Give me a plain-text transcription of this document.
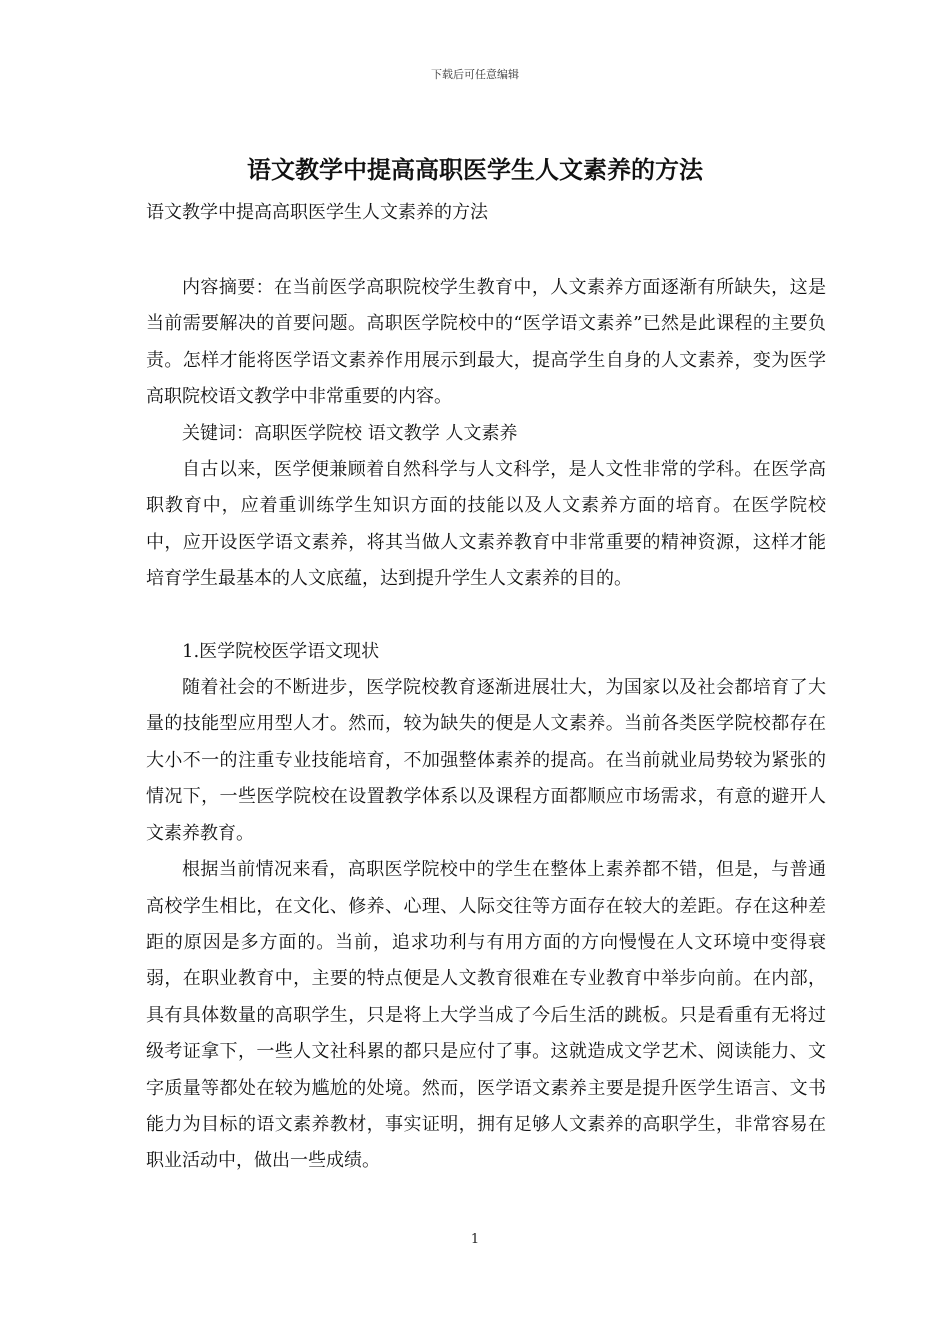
下载后可任意编辑
语文教学中提高高职医学生人文素养的方法
语文教学中提高高职医学生人文素养的方法

内容摘要：在当前医学高职院校学生教育中，人文素养方面逐渐有所缺失，这是当前需要解决的首要问题。高职医学院校中的“医学语文素养”已然是此课程的主要负责。怎样才能将医学语文素养作用展示到最大，提高学生自身的人文素养，变为医学高职院校语文教学中非常重要的内容。

关键词：高职医学院校 语文教学 人文素养

自古以来，医学便兼顾着自然科学与人文科学，是人文性非常的学科。在医学高职教育中，应着重训练学生知识方面的技能以及人文素养方面的培育。在医学院校中，应开设医学语文素养，将其当做人文素养教育中非常重要的精神资源，这样才能培育学生最基本的人文底蕴，达到提升学生人文素养的目的。

1.医学院校医学语文现状

随着社会的不断进步，医学院校教育逐渐进展壮大，为国家以及社会都培育了大量的技能型应用型人才。然而，较为缺失的便是人文素养。当前各类医学院校都存在大小不一的注重专业技能培育，不加强整体素养的提高。在当前就业局势较为紧张的情况下，一些医学院校在设置教学体系以及课程方面都顺应市场需求，有意的避开人文素养教育。

根据当前情况来看，高职医学院校中的学生在整体上素养都不错，但是，与普通高校学生相比，在文化、修养、心理、人际交往等方面存在较大的差距。存在这种差距的原因是多方面的。当前，追求功利与有用方面的方向慢慢在人文环境中变得衰弱，在职业教育中，主要的特点便是人文教育很难在专业教育中举步向前。在内部，具有具体数量的高职学生，只是将上大学当成了今后生活的跳板。只是看重有无将过级考证拿下，一些人文社科累的都只是应付了事。这就造成文学艺术、阅读能力、文字质量等都处在较为尴尬的处境。然而，医学语文素养主要是提升医学生语言、文书能力为目标的语文素养教材，事实证明，拥有足够人文素养的高职学生，非常容易在职业活动中，做出一些成绩。

1
